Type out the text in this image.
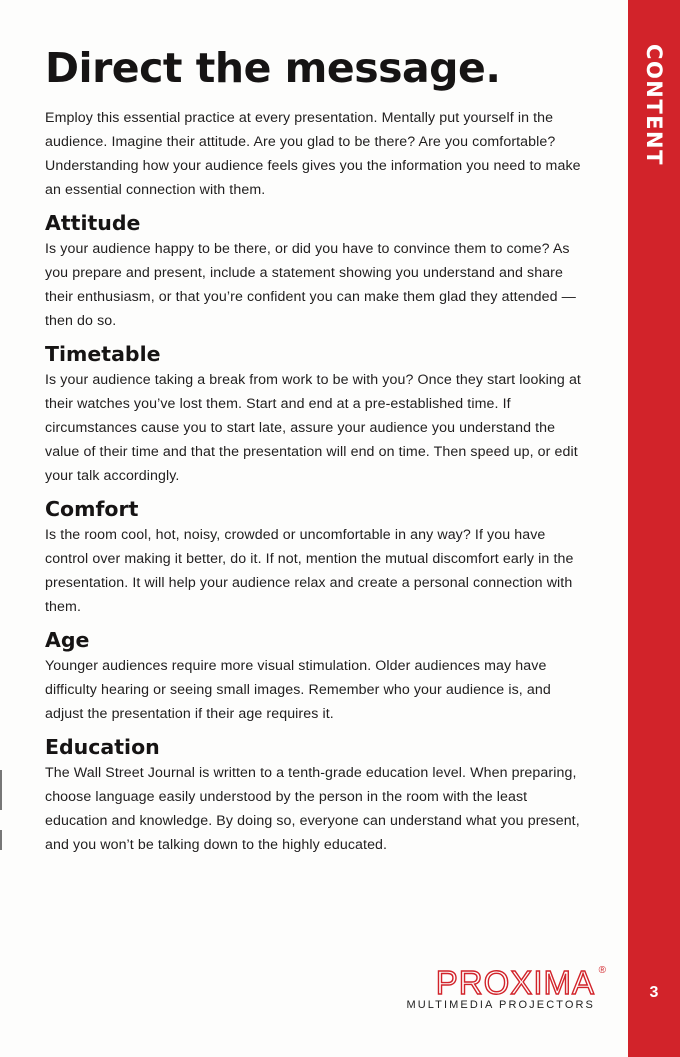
Direct the message.

Employ this essential practice at every presentation. Mentally put yourself in the audience. Imagine their attitude. Are you glad to be there? Are you comfortable? Understanding how your audience feels gives you the information you need to make an essential connection with them.

Attitude

Is your audience happy to be there, or did you have to convince them to come? As you prepare and present, include a statement showing you understand and share their enthusiasm, or that you’re confident you can make them glad they attended — then do so.

Timetable

Is your audience taking a break from work to be with you? Once they start looking at their watches you’ve lost them. Start and end at a pre-established time. If circumstances cause you to start late, assure your audience you understand the value of their time and that the presentation will end on time. Then speed up, or edit your talk accordingly.

Comfort

Is the room cool, hot, noisy, crowded or uncomfortable in any way? If you have control over making it better, do it. If not, mention the mutual discomfort early in the presentation. It will help your audience relax and create a personal connection with them.

Age

Younger audiences require more visual stimulation. Older audiences may have difficulty hearing or seeing small images. Remember who your audience is, and adjust the presentation if their age requires it.

Education

The Wall Street Journal is written to a tenth-grade education level. When preparing, choose language easily understood by the person in the room with the least education and knowledge. By doing so, everyone can understand what you present, and you won’t be talking down to the highly educated.

PROXIMA ®
MULTIMEDIA PROJECTORS
CONTENT
3
